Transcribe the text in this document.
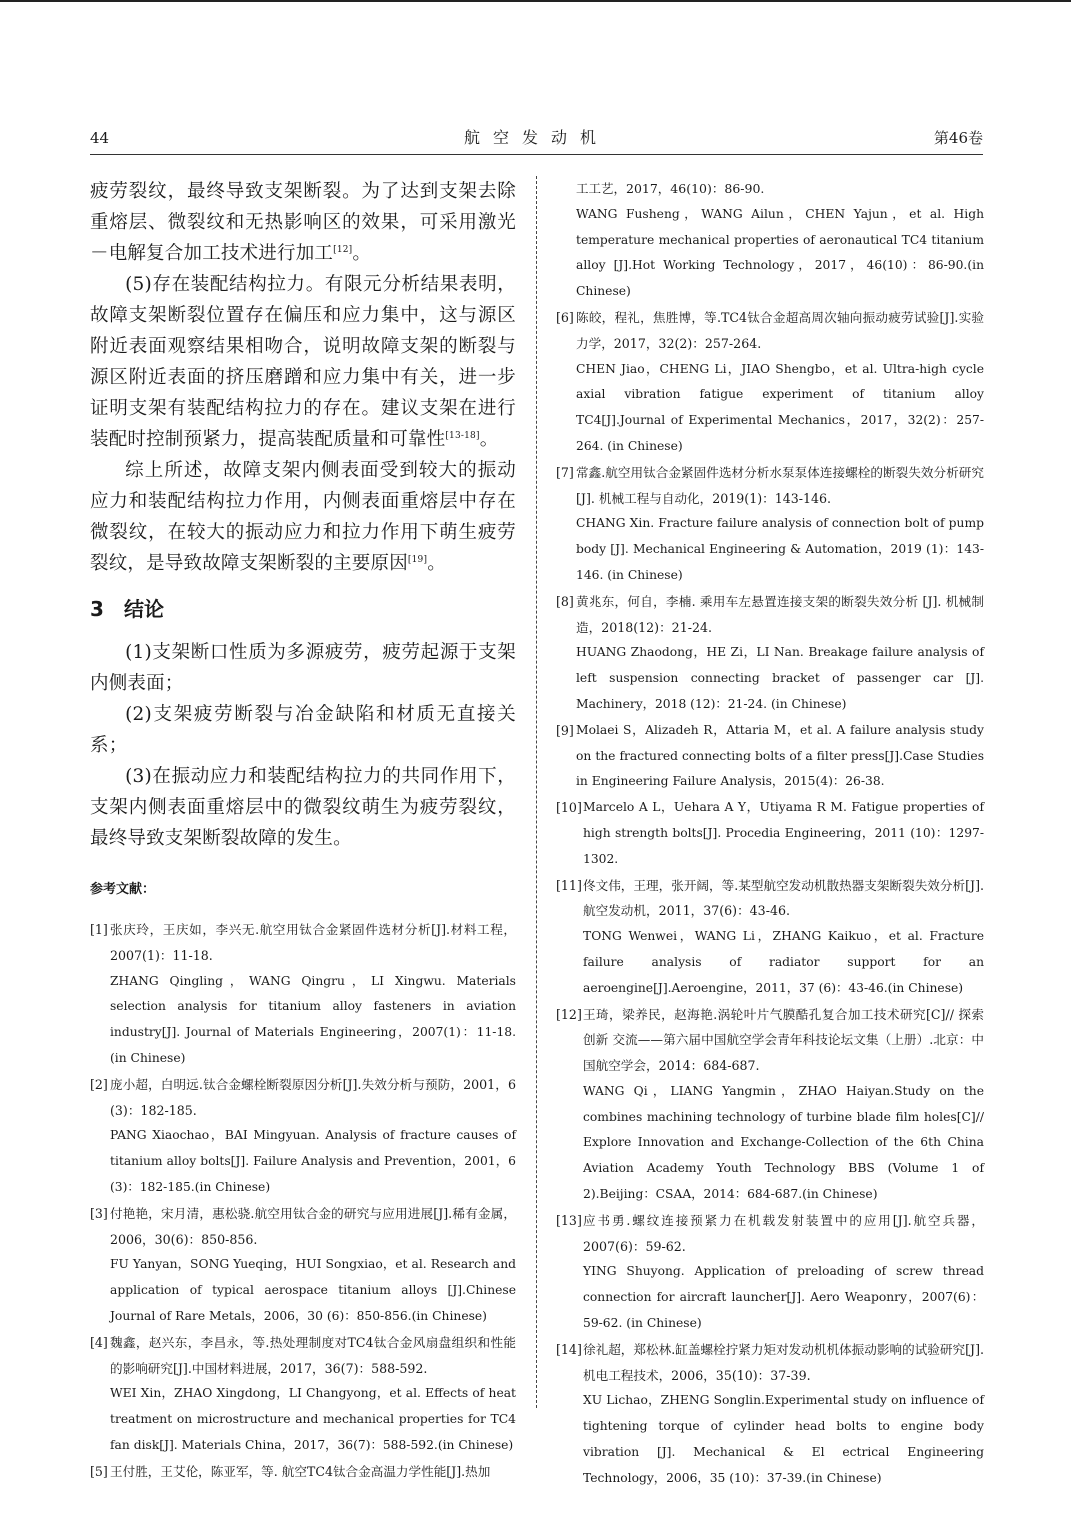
44	航空发动机	第46卷

疲劳裂纹，最终导致支架断裂。为了达到支架去除重熔层、微裂纹和无热影响区的效果，可采用激光－电解复合加工技术进行加工[12]。

(5)存在装配结构拉力。有限元分析结果表明，故障支架断裂位置存在偏压和应力集中，这与源区附近表面观察结果相吻合，说明故障支架的断裂与源区附近表面的挤压磨蹭和应力集中有关，进一步证明支架有装配结构拉力的存在。建议支架在进行装配时控制预紧力，提高装配质量和可靠性[13-18]。

综上所述，故障支架内侧表面受到较大的振动应力和装配结构拉力作用，内侧表面重熔层中存在微裂纹，在较大的振动应力和拉力作用下萌生疲劳裂纹，是导致故障支架断裂的主要原因[19]。

3 结论

(1)支架断口性质为多源疲劳，疲劳起源于支架内侧表面；

(2)支架疲劳断裂与冶金缺陷和材质无直接关系；

(3)在振动应力和装配结构拉力的共同作用下，支架内侧表面重熔层中的微裂纹萌生为疲劳裂纹，最终导致支架断裂故障的发生。

参考文献：
[1] 张庆玲，王庆如，李兴无.航空用钛合金紧固件选材分析[J].材料工程，2007(1)：11-18.
ZHANG Qingling，WANG Qingru，LI Xingwu. Materials selection analysis for titanium alloy fasteners in aviation industry[J]. Journal of Materials Engineering，2007(1)：11-18.(in Chinese)
[2] 庞小超，白明远.钛合金螺栓断裂原因分析[J].失效分析与预防，2001，6 (3)：182-185.
PANG Xiaochao，BAI Mingyuan. Analysis of fracture causes of titanium alloy bolts[J]. Failure Analysis and Prevention，2001，6 (3)：182-185.(in Chinese)
[3] 付艳艳，宋月清，惠松骁.航空用钛合金的研究与应用进展[J].稀有金属，2006，30(6)：850-856.
FU Yanyan，SONG Yueqing，HUI Songxiao，et al. Research and application of typical aerospace titanium alloys [J].Chinese Journal of Rare Metals，2006，30 (6)：850-856.(in Chinese)
[4] 魏鑫，赵兴东，李昌永，等.热处理制度对TC4钛合金风扇盘组织和性能的影响研究[J].中国材料进展，2017，36(7)：588-592.
WEI Xin，ZHAO Xingdong，LI Changyong，et al. Effects of heat treatment on microstructure and mechanical properties for TC4 fan disk[J]. Materials China，2017，36(7)：588-592.(in Chinese)
[5] 王付胜，王艾伦，陈亚军，等. 航空TC4钛合金高温力学性能[J].热加
工工艺，2017，46(10)：86-90.
WANG Fusheng，WANG Ailun，CHEN Yajun，et al. High temperature mechanical properties of aeronautical TC4 titanium alloy [J].Hot Working Technology，2017，46(10)：86-90.(in Chinese)
[6] 陈皎，程礼，焦胜博，等.TC4钛合金超高周次轴向振动疲劳试验[J].实验力学，2017，32(2)：257-264.
CHEN Jiao，CHENG Li，JIAO Shengbo，et al. Ultra-high cycle axial vibration fatigue experiment of titanium alloy TC4[J].Journal of Experimental Mechanics，2017，32(2)：257-264. (in Chinese)
[7] 常鑫.航空用钛合金紧固件选材分析水泵泵体连接螺栓的断裂失效分析研究[J]. 机械工程与自动化，2019(1)：143-146.
CHANG Xin. Fracture failure analysis of connection bolt of pump body [J]. Mechanical Engineering & Automation，2019 (1)：143-146. (in Chinese)
[8] 黄兆东，何自，李楠. 乘用车左悬置连接支架的断裂失效分析 [J]. 机械制造，2018(12)：21-24.
HUANG Zhaodong，HE Zi，LI Nan. Breakage failure analysis of left suspension connecting bracket of passenger car [J]. Machinery，2018 (12)：21-24. (in Chinese)
[9] Molaei S，Alizadeh R，Attaria M，et al. A failure analysis study on the fractured connecting bolts of a filter press[J].Case Studies in Engineering Failure Analysis，2015(4)：26-38.
[10] Marcelo A L，Uehara A Y，Utiyama R M. Fatigue properties of high strength bolts[J]. Procedia Engineering，2011 (10)：1297-1302.
[11] 佟文伟，王理，张开阔，等.某型航空发动机散热器支架断裂失效分析[J].航空发动机，2011，37(6)：43-46.
TONG Wenwei，WANG Li，ZHANG Kaikuo，et al. Fracture failure analysis of radiator support for an aeroengine[J].Aeroengine，2011，37 (6)：43-46.(in Chinese)
[12] 王琦，梁养民，赵海艳.涡轮叶片气膜酷孔复合加工技术研究[C]// 探索 创新 交流——第六届中国航空学会青年科技论坛文集（上册）.北京：中国航空学会，2014：684-687.
WANG Qi，LIANG Yangmin，ZHAO Haiyan.Study on the combines machining technology of turbine blade film holes[C]// Explore Innovation and Exchange-Collection of the 6th China Aviation Academy Youth Technology BBS (Volume 1 of 2).Beijing：CSAA，2014：684-687.(in Chinese)
[13] 应书勇.螺纹连接预紧力在机载发射装置中的应用[J].航空兵器，2007(6)：59-62.
YING Shuyong. Application of preloading of screw thread connection for aircraft launcher[J]. Aero Weaponry，2007(6)：59-62. (in Chinese)
[14] 徐礼超，郑松林.缸盖螺栓拧紧力矩对发动机机体振动影响的试验研究[J].机电工程技术，2006，35(10)：37-39.
XU Lichao，ZHENG Songlin.Experimental study on influence of tightening torque of cylinder head bolts to engine body vibration [J]. Mechanical & El ectrical Engineering Technology，2006，35 (10)：37-39.(in Chinese)
